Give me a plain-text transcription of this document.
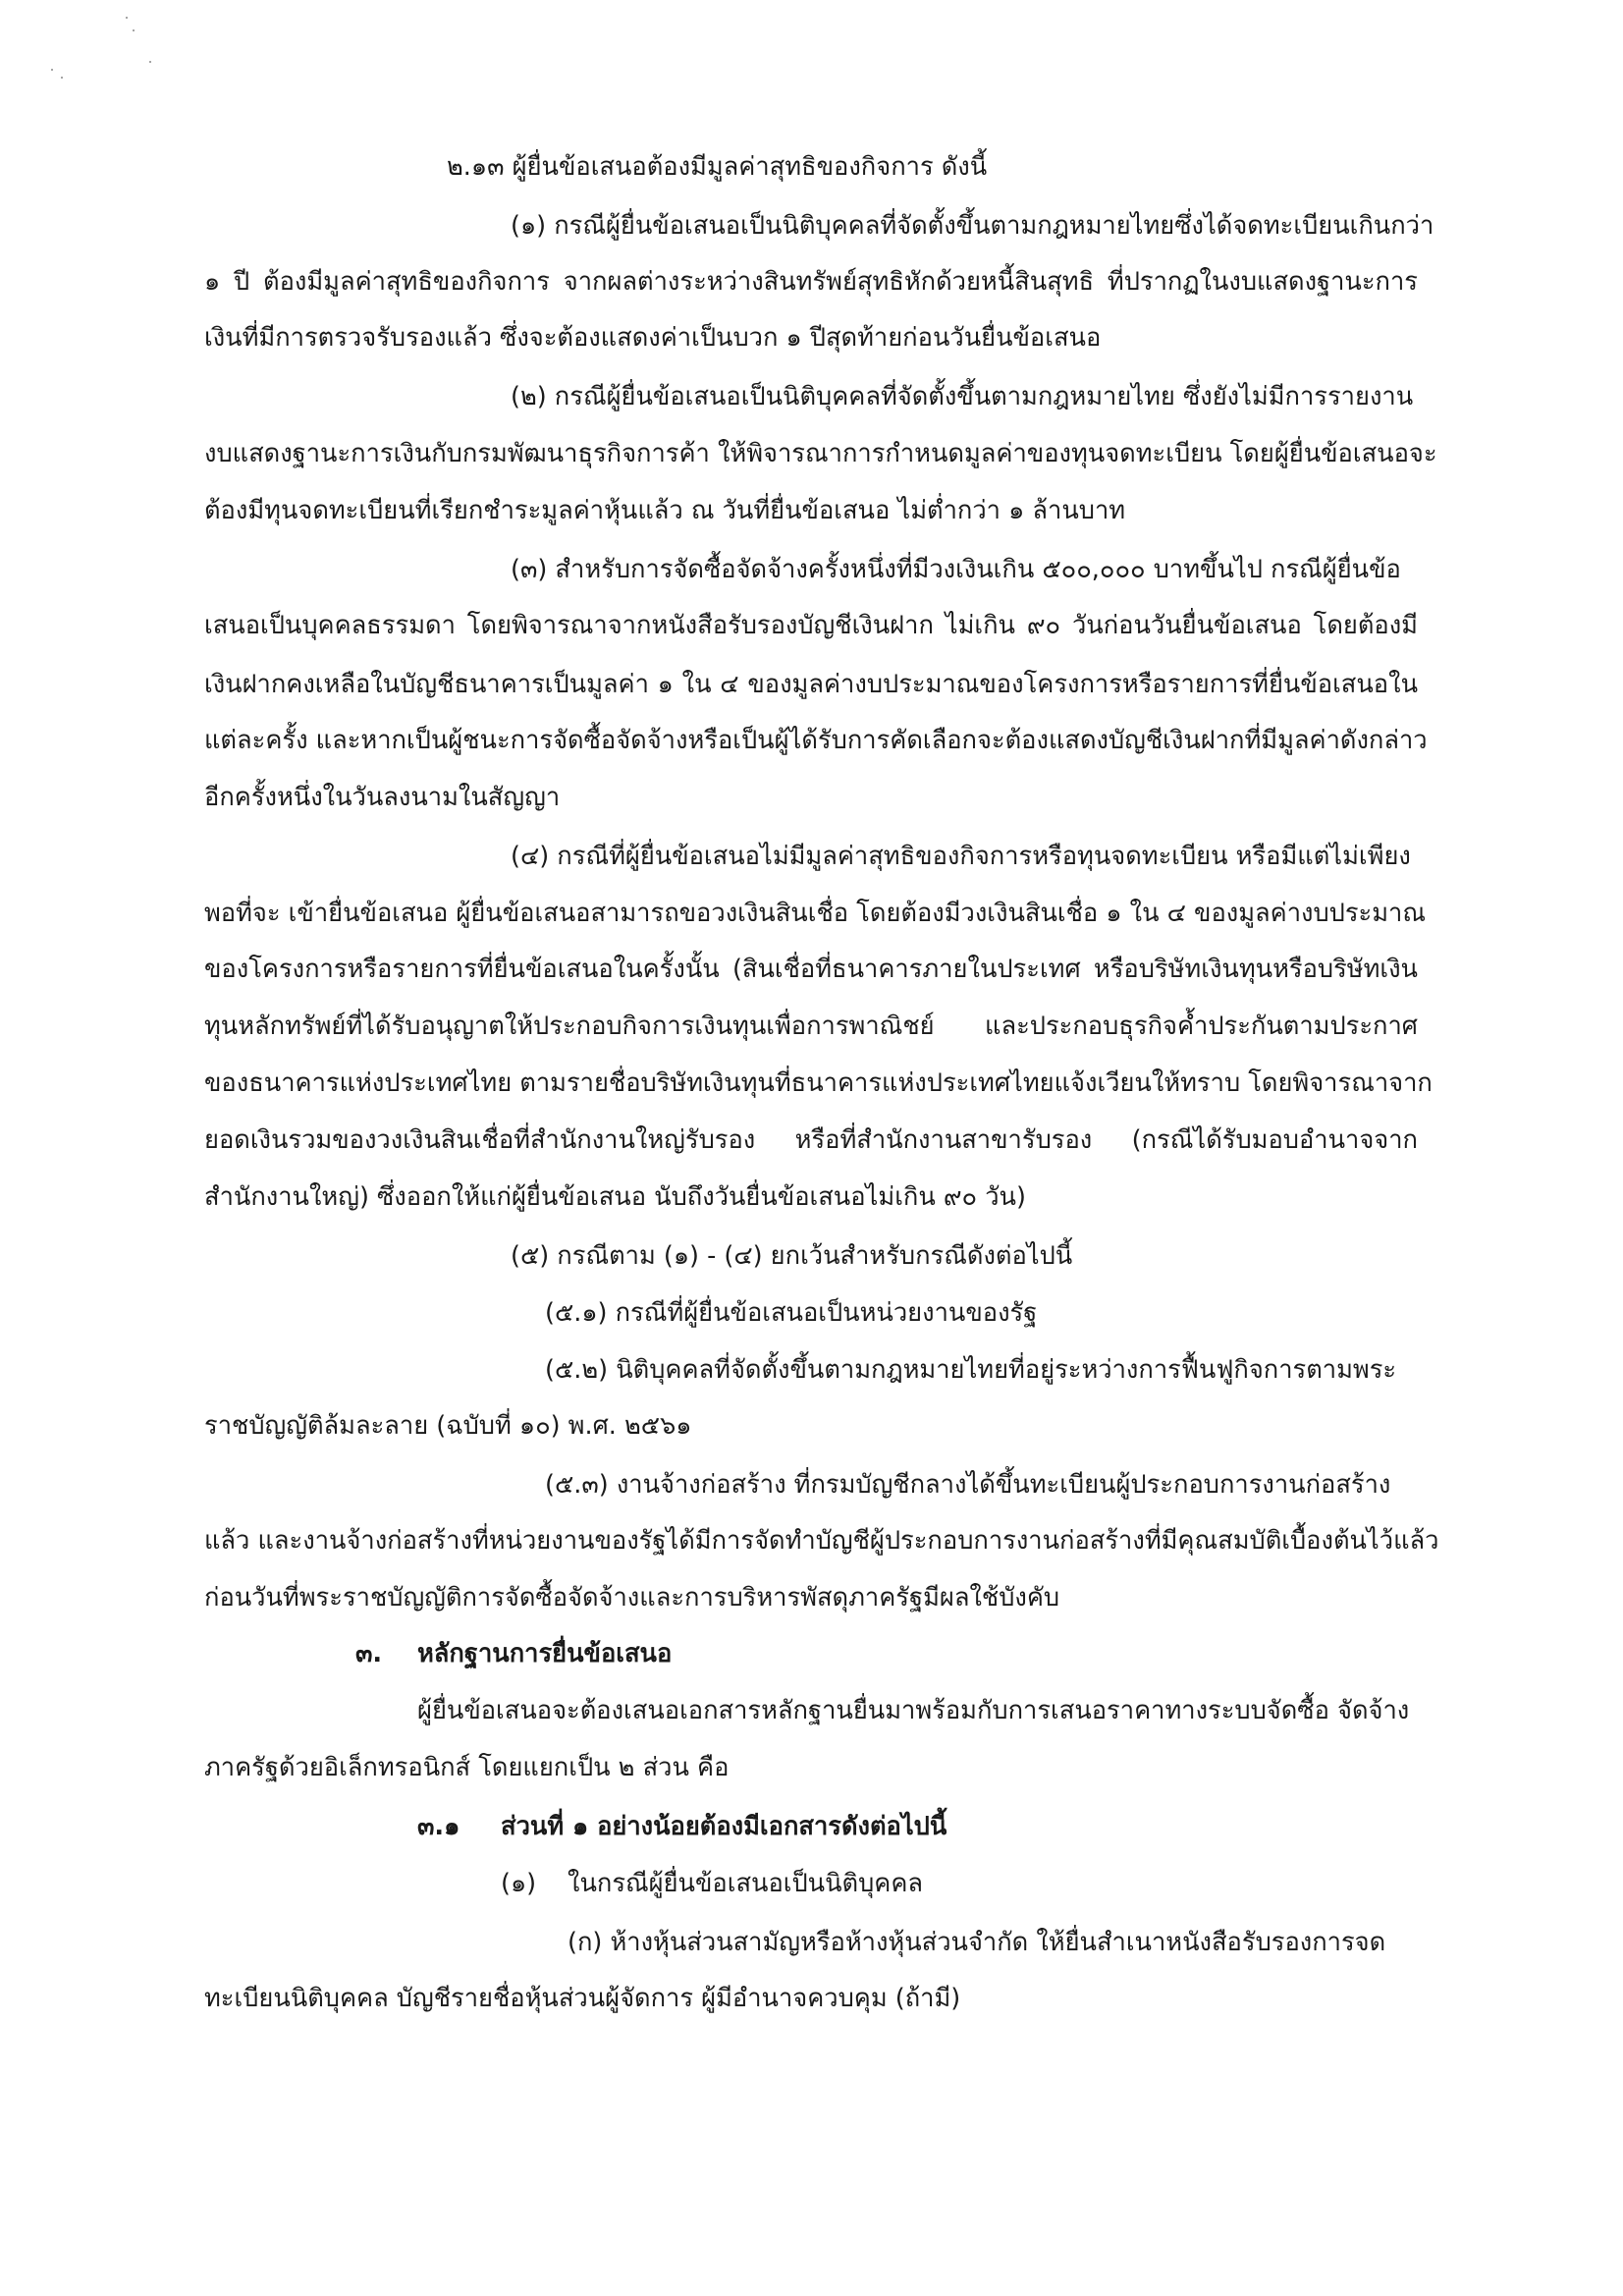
๒.๑๓ ผู้ยื่นข้อเสนอต้องมีมูลค่าสุทธิของกิจการ ดังนี้
(๑) กรณีผู้ยื่นข้อเสนอเป็นนิติบุคคลที่จัดตั้งขึ้นตามกฎหมายไทยซึ่งได้จดทะเบียนเกินกว่า
๑ ปี ต้องมีมูลค่าสุทธิของกิจการ จากผลต่างระหว่างสินทรัพย์สุทธิหักด้วยหนี้สินสุทธิ ที่ปรากฏในงบแสดงฐานะการ
เงินที่มีการตรวจรับรองแล้ว ซึ่งจะต้องแสดงค่าเป็นบวก ๑ ปีสุดท้ายก่อนวันยื่นข้อเสนอ
(๒) กรณีผู้ยื่นข้อเสนอเป็นนิติบุคคลที่จัดตั้งขึ้นตามกฎหมายไทย ซึ่งยังไม่มีการรายงาน
งบแสดงฐานะการเงินกับกรมพัฒนาธุรกิจการค้า ให้พิจารณาการกำหนดมูลค่าของทุนจดทะเบียน โดยผู้ยื่นข้อเสนอจะ
ต้องมีทุนจดทะเบียนที่เรียกชำระมูลค่าหุ้นแล้ว ณ วันที่ยื่นข้อเสนอ ไม่ต่ำกว่า ๑ ล้านบาท
(๓) สำหรับการจัดซื้อจัดจ้างครั้งหนึ่งที่มีวงเงินเกิน ๕๐๐,๐๐๐ บาทขึ้นไป กรณีผู้ยื่นข้อ
เสนอเป็นบุคคลธรรมดา โดยพิจารณาจากหนังสือรับรองบัญชีเงินฝาก ไม่เกิน ๙๐ วันก่อนวันยื่นข้อเสนอ โดยต้องมี
เงินฝากคงเหลือในบัญชีธนาคารเป็นมูลค่า ๑ ใน ๔ ของมูลค่างบประมาณของโครงการหรือรายการที่ยื่นข้อเสนอใน
แต่ละครั้ง และหากเป็นผู้ชนะการจัดซื้อจัดจ้างหรือเป็นผู้ได้รับการคัดเลือกจะต้องแสดงบัญชีเงินฝากที่มีมูลค่าดังกล่าว
อีกครั้งหนึ่งในวันลงนามในสัญญา
(๔) กรณีที่ผู้ยื่นข้อเสนอไม่มีมูลค่าสุทธิของกิจการหรือทุนจดทะเบียน หรือมีแต่ไม่เพียง
พอที่จะ เข้ายื่นข้อเสนอ ผู้ยื่นข้อเสนอสามารถขอวงเงินสินเชื่อ โดยต้องมีวงเงินสินเชื่อ ๑ ใน ๔ ของมูลค่างบประมาณ
ของโครงการหรือรายการที่ยื่นข้อเสนอในครั้งนั้น (สินเชื่อที่ธนาคารภายในประเทศ หรือบริษัทเงินทุนหรือบริษัทเงิน
ทุนหลักทรัพย์ที่ได้รับอนุญาตให้ประกอบกิจการเงินทุนเพื่อการพาณิชย์ และประกอบธุรกิจค้ำประกันตามประกาศ
ของธนาคารแห่งประเทศไทย ตามรายชื่อบริษัทเงินทุนที่ธนาคารแห่งประเทศไทยแจ้งเวียนให้ทราบ โดยพิจารณาจาก
ยอดเงินรวมของวงเงินสินเชื่อที่สำนักงานใหญ่รับรอง หรือที่สำนักงานสาขารับรอง (กรณีได้รับมอบอำนาจจาก
สำนักงานใหญ่) ซึ่งออกให้แก่ผู้ยื่นข้อเสนอ นับถึงวันยื่นข้อเสนอไม่เกิน ๙๐ วัน)
(๕) กรณีตาม (๑) - (๔) ยกเว้นสำหรับกรณีดังต่อไปนี้
(๕.๑) กรณีที่ผู้ยื่นข้อเสนอเป็นหน่วยงานของรัฐ
(๕.๒) นิติบุคคลที่จัดตั้งขึ้นตามกฎหมายไทยที่อยู่ระหว่างการฟื้นฟูกิจการตามพระ
ราชบัญญัติล้มละลาย (ฉบับที่ ๑๐) พ.ศ. ๒๕๖๑
(๕.๓) งานจ้างก่อสร้าง ที่กรมบัญชีกลางได้ขึ้นทะเบียนผู้ประกอบการงานก่อสร้าง
แล้ว และงานจ้างก่อสร้างที่หน่วยงานของรัฐได้มีการจัดทำบัญชีผู้ประกอบการงานก่อสร้างที่มีคุณสมบัติเบื้องต้นไว้แล้ว
ก่อนวันที่พระราชบัญญัติการจัดซื้อจัดจ้างและการบริหารพัสดุภาครัฐมีผลใช้บังคับ
๓. หลักฐานการยื่นข้อเสนอ
ผู้ยื่นข้อเสนอจะต้องเสนอเอกสารหลักฐานยื่นมาพร้อมกับการเสนอราคาทางระบบจัดซื้อ จัดจ้าง
ภาครัฐด้วยอิเล็กทรอนิกส์ โดยแยกเป็น ๒ ส่วน คือ
๓.๑ ส่วนที่ ๑ อย่างน้อยต้องมีเอกสารดังต่อไปนี้
(๑) ในกรณีผู้ยื่นข้อเสนอเป็นนิติบุคคล
(ก) ห้างหุ้นส่วนสามัญหรือห้างหุ้นส่วนจำกัด ให้ยื่นสำเนาหนังสือรับรองการจด
ทะเบียนนิติบุคคล บัญชีรายชื่อหุ้นส่วนผู้จัดการ ผู้มีอำนาจควบคุม (ถ้ามี)
